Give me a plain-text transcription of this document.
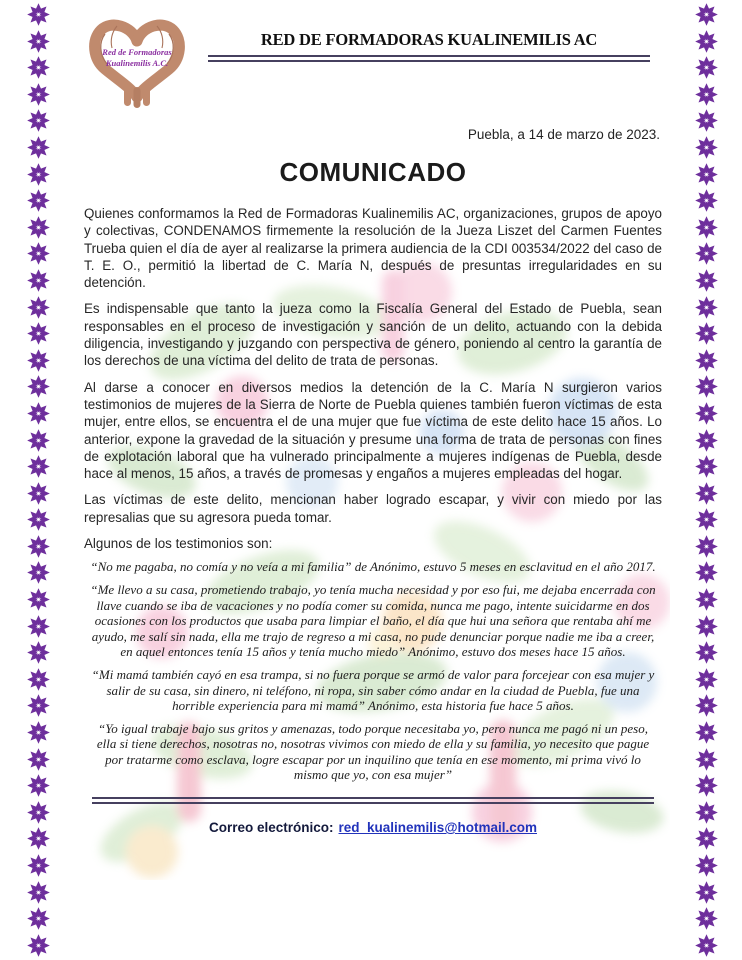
Red de Formadoras
Kualinemilis A.C.
RED DE FORMADORAS KUALINEMILIS AC
Puebla, a 14 de marzo de 2023.
COMUNICADO

Quienes conformamos la Red de Formadoras Kualinemilis AC, organizaciones, grupos de apoyo y colectivas, CONDENAMOS firmemente la resolución de la Jueza Liszet del Carmen Fuentes Trueba quien el día de ayer al realizarse la primera audiencia de la CDI 003534/2022 del caso de T. E. O., permitió la libertad de C. María N, después de presuntas irregularidades en su detención.

Es indispensable que tanto la jueza como la Fiscalía General del Estado de Puebla, sean responsables en el proceso de investigación y sanción de un delito, actuando con la debida diligencia, investigando y juzgando con perspectiva de género, poniendo al centro la garantía de los derechos de una víctima del delito de trata de personas.

Al darse a conocer en diversos medios la detención de la C. María N surgieron varios testimonios de mujeres de la Sierra de Norte de Puebla quienes también fueron víctimas de esta mujer, entre ellos, se encuentra el de una mujer que fue víctima de este delito hace 15 años. Lo anterior, expone la gravedad de la situación y presume una forma de trata de personas con fines de explotación laboral que ha vulnerado principalmente a mujeres indígenas de Puebla, desde hace al menos, 15 años, a través de promesas y engaños a mujeres empleadas del hogar.

Las víctimas de este delito, mencionan haber logrado escapar, y vivir con miedo por las represalias que su agresora pueda tomar.

Algunos de los testimonios son:

“No me pagaba, no comía y no veía a mi familia” de Anónimo, estuvo 5 meses en esclavitud en el año 2017.

“Me llevo a su casa, prometiendo trabajo, yo tenía mucha necesidad y por eso fui, me dejaba encerrada con llave cuando se iba de vacaciones y no podía comer su comida, nunca me pago, intente suicidarme en dos ocasiones con los productos que usaba para limpiar el baño, el día que hui una señora que rentaba ahí me ayudo, me salí sin nada, ella me trajo de regreso a mi casa, no pude denunciar porque nadie me iba a creer, en aquel entonces tenía 15 años y tenía mucho miedo” Anónimo, estuvo dos meses hace 15 años.

“Mi mamá también cayó en esa trampa, si no fuera porque se armó de valor para forcejear con esa mujer y salir de su casa, sin dinero, ni teléfono, ni ropa, sin saber cómo andar en la ciudad de Puebla, fue una horrible experiencia para mi mamá” Anónimo, esta historia fue hace 5 años.

“Yo igual trabaje bajo sus gritos y amenazas, todo porque necesitaba yo, pero nunca me pagó ni un peso, ella si tiene derechos, nosotras no, nosotras vivimos con miedo de ella y su familia, yo necesito que pague por tratarme como esclava, logre escapar por un inquilino que tenía en ese momento, mi prima vivó lo mismo que yo, con esa mujer”

Correo electrónico: red_kualinemilis@hotmail.com
